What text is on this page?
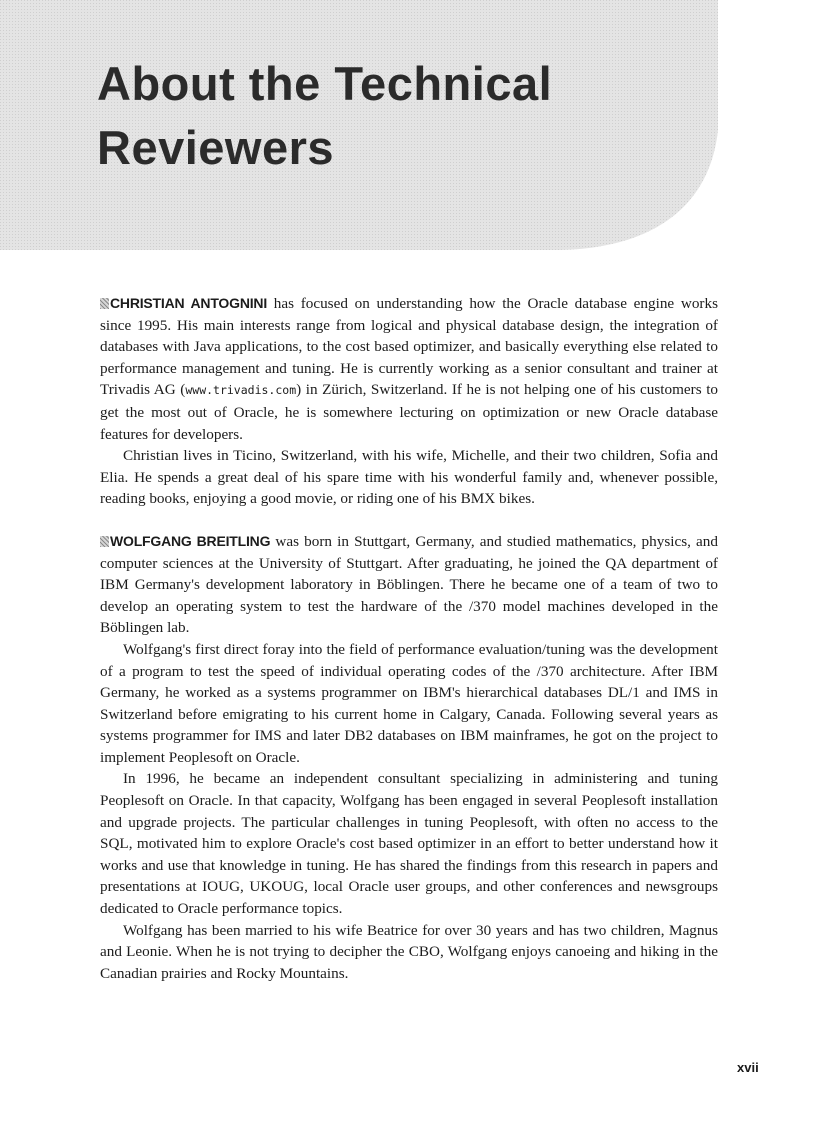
About the Technical
Reviewers

CHRISTIAN ANTOGNINI has focused on understanding how the Oracle database engine works since 1995. His main interests range from logical and physical database design, the integration of databases with Java applications, to the cost based optimizer, and basically everything else related to performance management and tuning. He is currently working as a senior consultant and trainer at Trivadis AG (www.trivadis.com) in Zürich, Switzerland. If he is not helping one of his customers to get the most out of Oracle, he is somewhere lecturing on optimization or new Oracle database features for developers.

Christian lives in Ticino, Switzerland, with his wife, Michelle, and their two children, Sofia and Elia. He spends a great deal of his spare time with his wonderful family and, whenever possible, reading books, enjoying a good movie, or riding one of his BMX bikes.

WOLFGANG BREITLING was born in Stuttgart, Germany, and studied mathematics, physics, and computer sciences at the University of Stuttgart. After graduating, he joined the QA department of IBM Germany's development laboratory in Böblingen. There he became one of a team of two to develop an operating system to test the hardware of the /370 model machines developed in the Böblingen lab.

Wolfgang's first direct foray into the field of performance evaluation/tuning was the development of a program to test the speed of individual operating codes of the /370 architecture. After IBM Germany, he worked as a systems programmer on IBM's hierarchical databases DL/1 and IMS in Switzerland before emigrating to his current home in Calgary, Canada. Following several years as systems programmer for IMS and later DB2 databases on IBM mainframes, he got on the project to implement Peoplesoft on Oracle.

In 1996, he became an independent consultant specializing in administering and tuning Peoplesoft on Oracle. In that capacity, Wolfgang has been engaged in several Peoplesoft installation and upgrade projects. The particular challenges in tuning Peoplesoft, with often no access to the SQL, motivated him to explore Oracle's cost based optimizer in an effort to better understand how it works and use that knowledge in tuning. He has shared the findings from this research in papers and presentations at IOUG, UKOUG, local Oracle user groups, and other conferences and newsgroups dedicated to Oracle performance topics.

Wolfgang has been married to his wife Beatrice for over 30 years and has two children, Magnus and Leonie. When he is not trying to decipher the CBO, Wolfgang enjoys canoeing and hiking in the Canadian prairies and Rocky Mountains.

xvii
